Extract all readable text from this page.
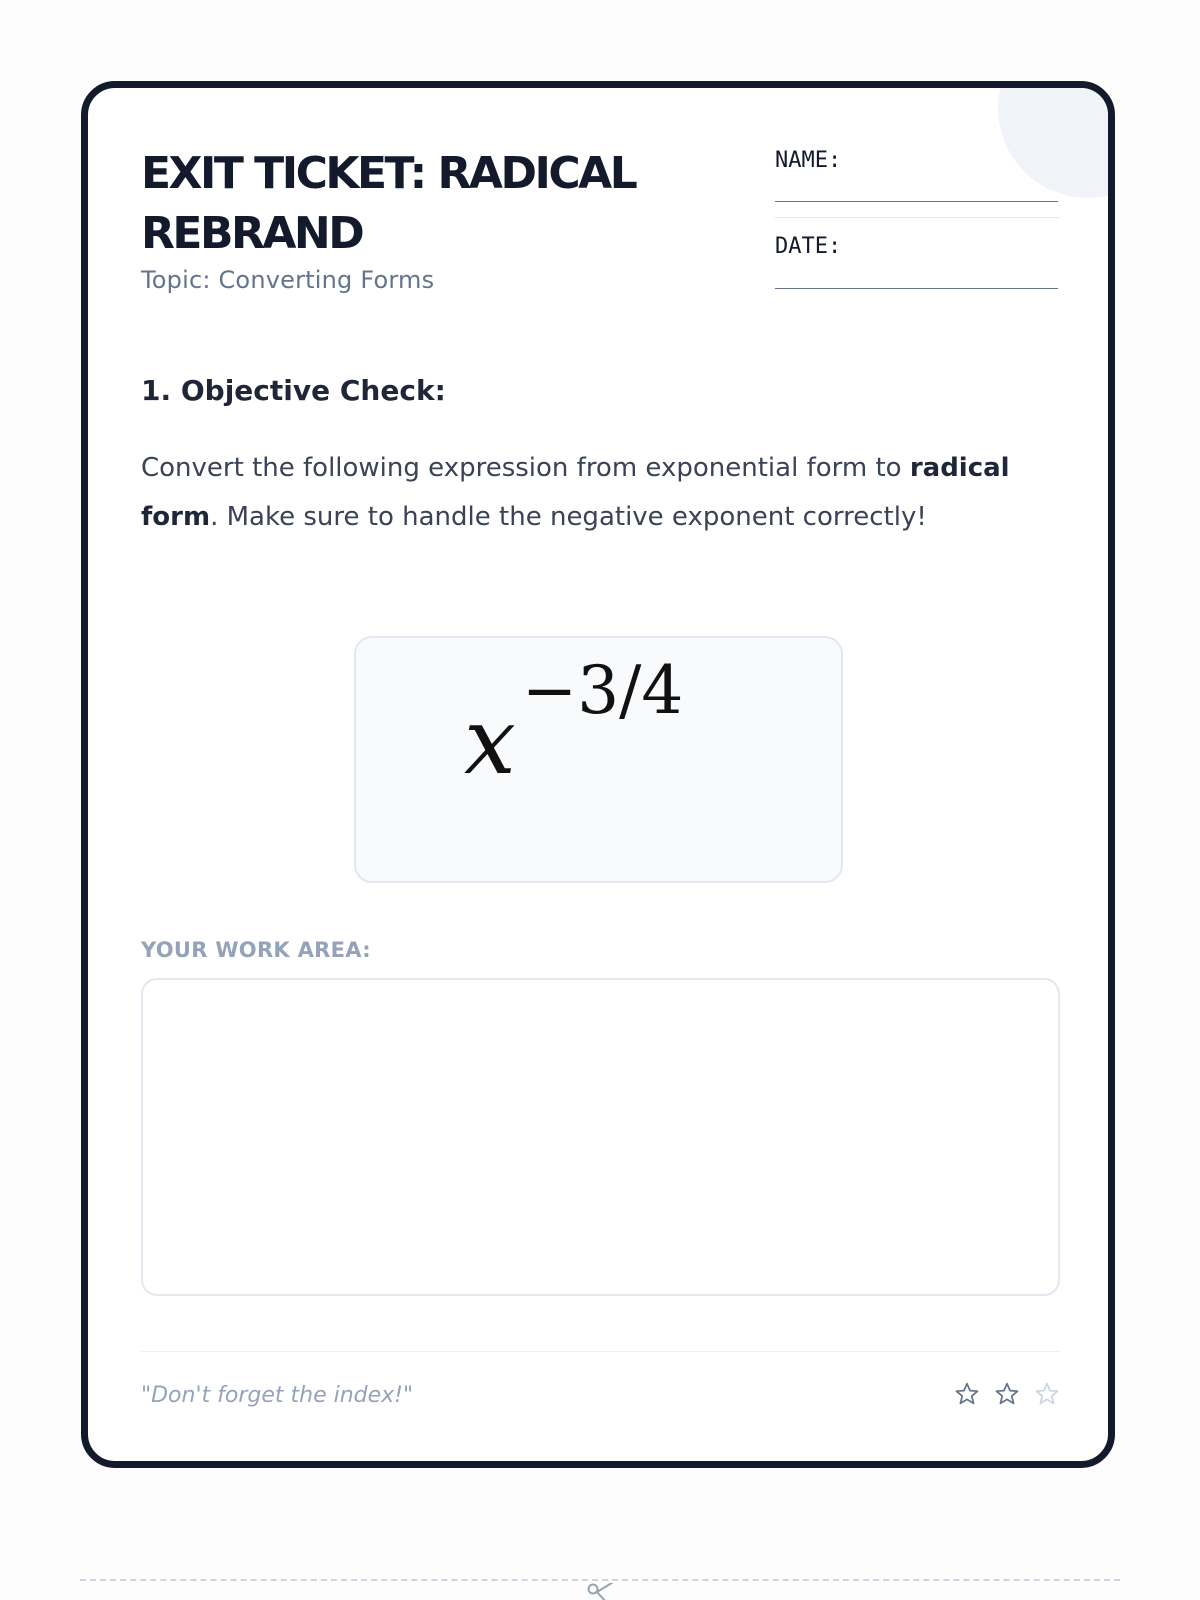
EXIT TICKET: RADICAL REBRAND
Topic: Converting Forms
NAME:
DATE:
1. Objective Check:

Convert the following expression from exponential form to radical form. Make sure to handle the negative exponent correctly!

x−3/4
YOUR WORK AREA:
"Don't forget the index!"
